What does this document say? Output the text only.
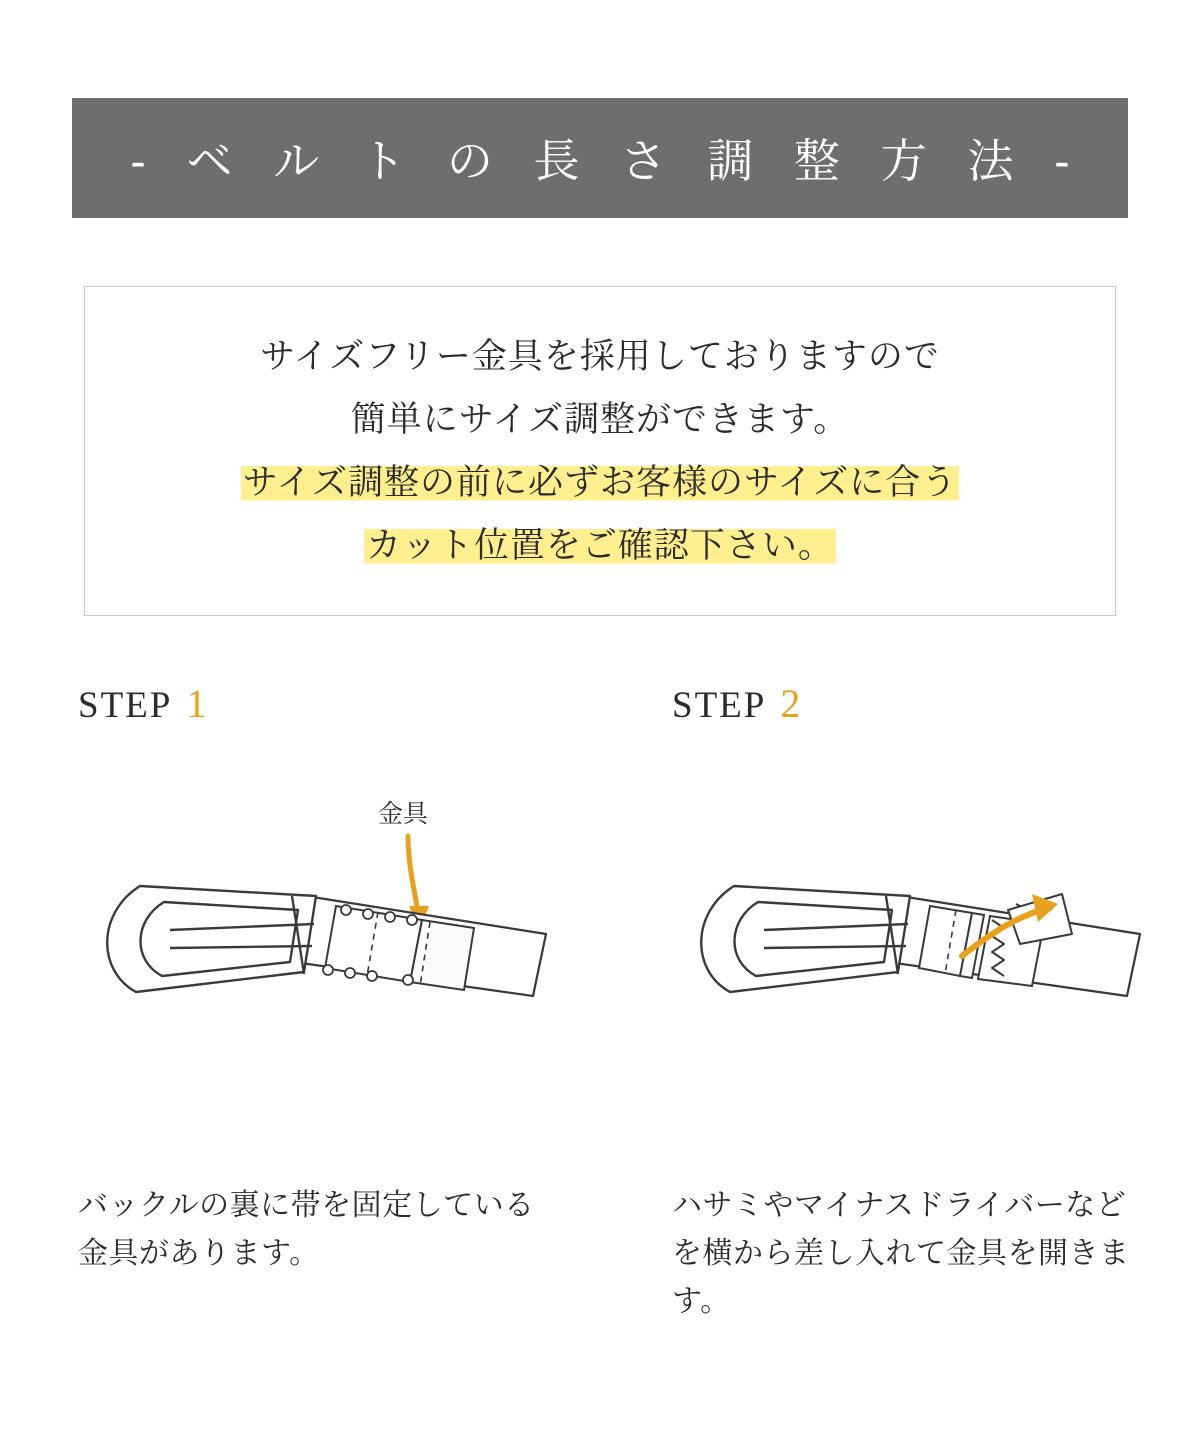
- ベ ル ト の 長 さ 調 整 方 法 -
サイズフリー金具を採用しておりますので
簡単にサイズ調整ができます。
サイズ調整の前に必ずお客様のサイズに合う
カット位置をご確認下さい。
STEP 1
金具
バックルの裏に帯を固定している金具があります。
STEP 2
ハサミやマイナスドライバーなどを横から差し入れて金具を開きます。
